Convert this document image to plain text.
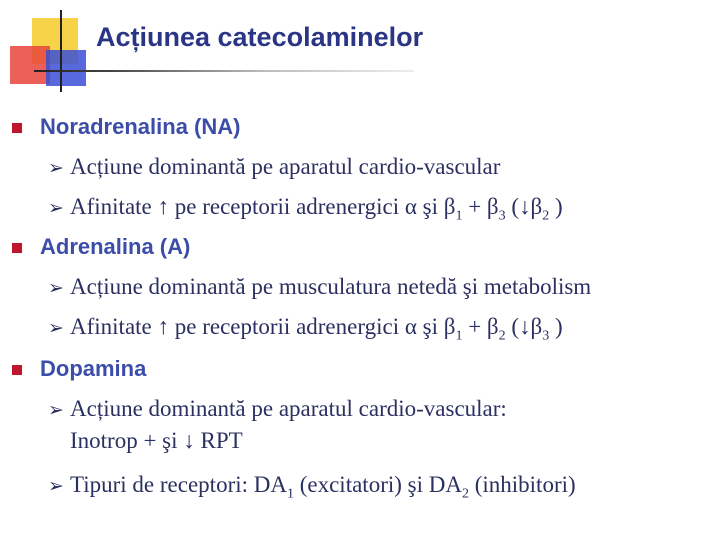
Acțiunea catecolaminelor
Noradrenalina (NA)
➢ Acțiune dominantă pe aparatul cardio-vascular
➢ Afinitate ↑ pe receptorii adrenergici α şi $\beta_1 + \beta_3$ ($↓\beta_2$ )
Adrenalina (A)
➢ Acțiune dominantă pe musculatura netedă şi metabolism
➢ Afinitate ↑ pe receptorii adrenergici α şi $\beta_1 + \beta_2$ ($↓\beta_3$ )
Dopamina
➢ Acțiune dominantă pe aparatul cardio-vascular:
Inotrop + şi ↓ RPT
➢ Tipuri de receptori: $DA_1$ (excitatori) şi $DA_2$ (inhibitori)
